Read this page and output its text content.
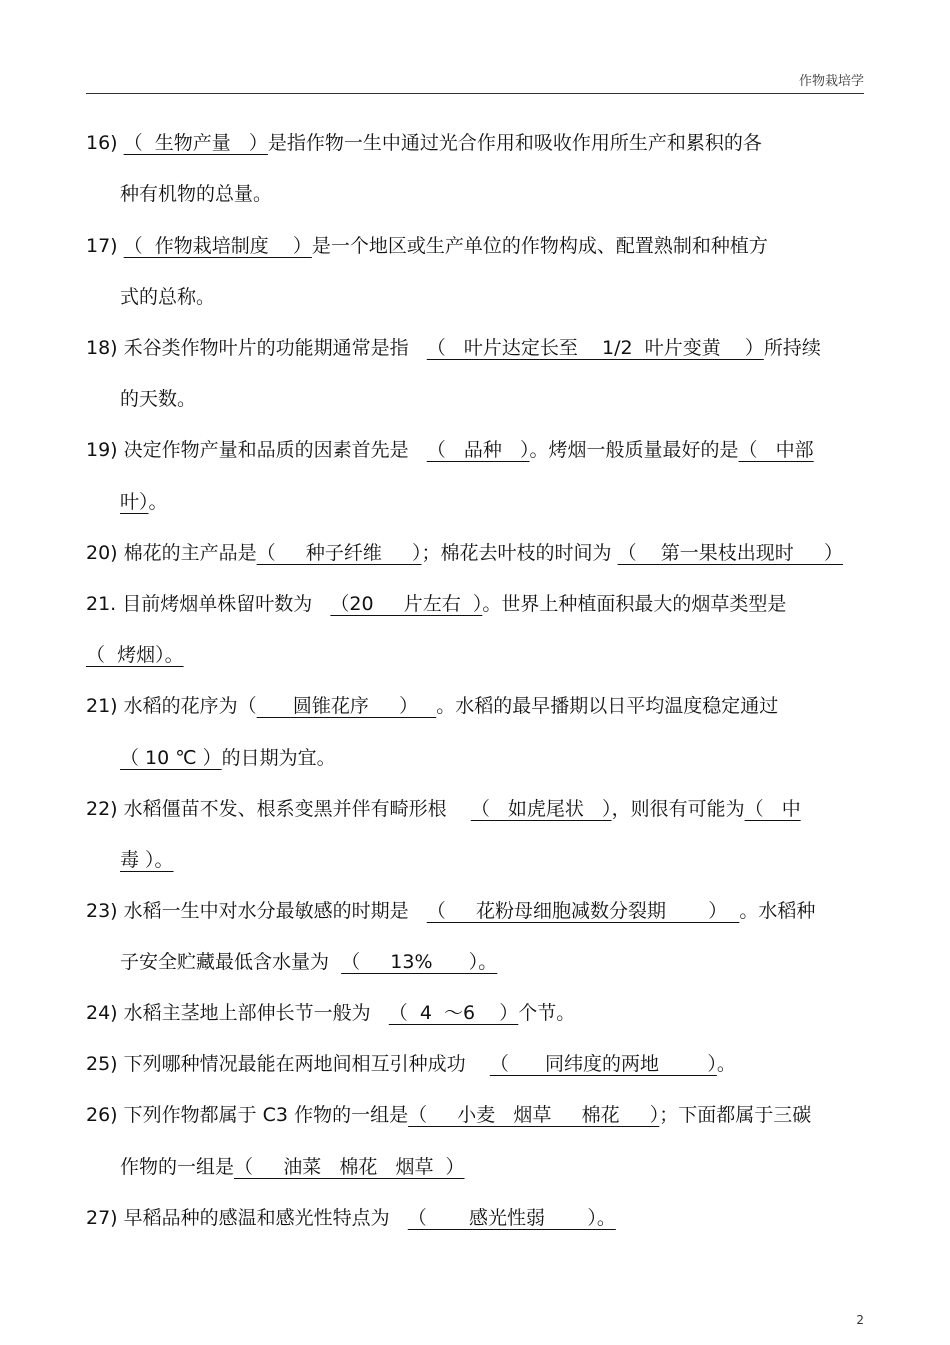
作物栽培学
16) （  生物产量   ）是指作物一生中通过光合作用和吸收作用所生产和累积的各
种有机物的总量。
17) （  作物栽培制度    ）是一个地区或生产单位的作物构成、配置熟制和种植方
式的总称。
18) 禾谷类作物叶片的功能期通常是指 （   叶片达定长至    1/2  叶片变黄    ）所持续
的天数。
19) 决定作物产量和品质的因素首先是 （   品种   ）。烤烟一般质量最好的是（   中部
叶）。
20) 棉花的主产品是（     种子纤维     ）；棉花去叶枝的时间为 （    第一果枝出现时     ）
21. 目前烤烟单株留叶数为 （20     片左右  ）。世界上种植面积最大的烟草类型是
（  烤烟）。
21) 水稻的花序为（      圆锥花序     ）   。水稻的最早播期以日平均温度稳定通过
（ 10 ℃ ）的日期为宜。
22) 水稻僵苗不发、根系变黑并伴有畸形根 （   如虎尾状   ），则很有可能为（   中
毒 ）。
23) 水稻一生中对水分最敏感的时期是 （     花粉母细胞减数分裂期       ）  。水稻种
子安全贮藏最低含水量为 （     13%      ）。
24) 水稻主茎地上部伸长节一般为 （  4  ～6    ）个节。
25) 下列哪种情况最能在两地间相互引种成功 （      同纬度的两地        ）。
26) 下列作物都属于 C3 作物的一组是（     小麦   烟草     棉花     ）；下面都属于三碳
作物的一组是（     油菜   棉花   烟草  ）
27) 早稻品种的感温和感光性特点为 （       感光性弱       ）。
2
